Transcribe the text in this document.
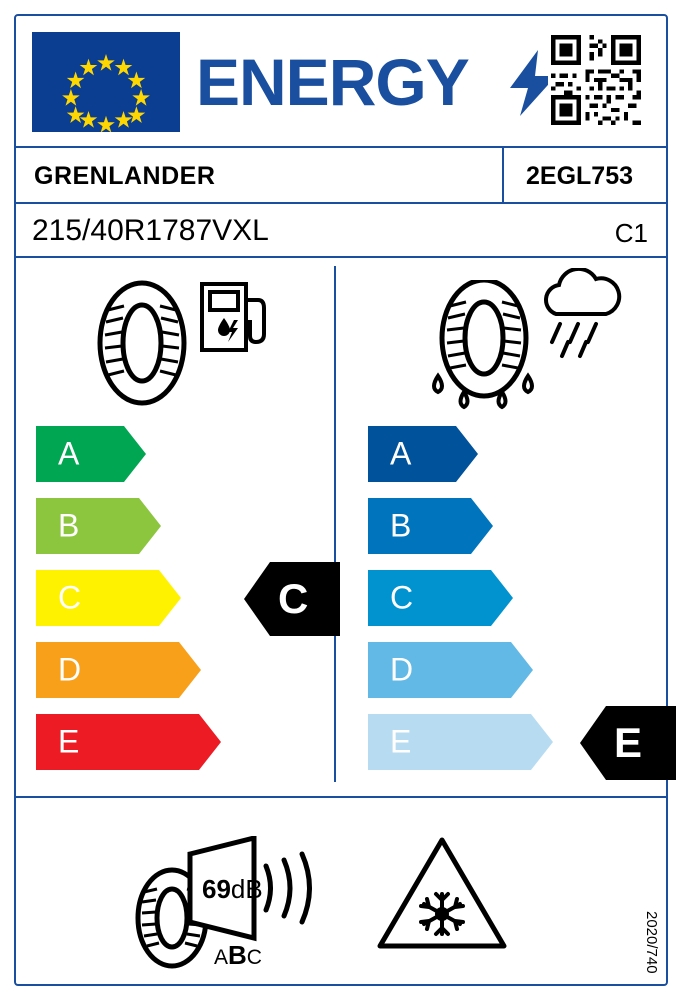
ENERGY
GRENLANDER	2EGL753
215/40R1787VXL	C1
A
B
C
D
E
A
B
C
D
E
C
E
69dB
ABC	2020/740
